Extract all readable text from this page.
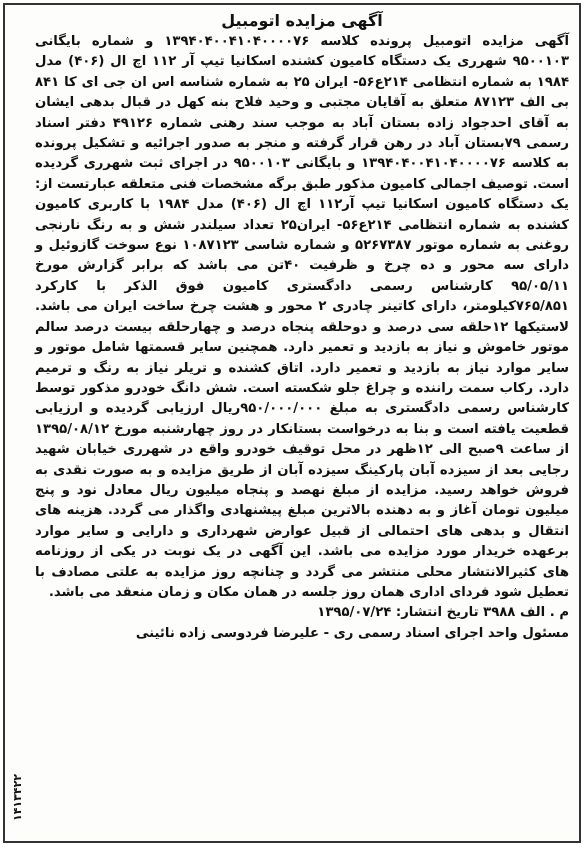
آگهی مزایده اتومبیل

آگهی مزایده اتومبیل پرونده کلاسه ۱۳۹۴۰۴۰۰۴۱۰۴۰۰۰۰۷۶ و شماره بایگانی ۹۵۰۰۱۰۳ شهرری یک دستگاه کامیون کشنده اسکانیا تیپ آر ۱۱۲ اچ ال (۴۰۶) مدل ۱۹۸۴ به شماره انتظامی ۲۱۴ع۵۶- ایران ۲۵ به شماره شناسه اس ان جی ای کا ۸۴۱ بی الف ۸۷۱۲۳ متعلق به آقایان مجتبی و وحید فلاح بنه کهل در قبال بدهی ایشان به آقای احدجواد زاده بستان آباد به موجب سند رهنی شماره ۴۹۱۲۶ دفتر اسناد رسمی ۷۹بستان آباد در رهن قرار گرفته و منجر به صدور اجرائیه و تشکیل پرونده به کلاسه ۱۳۹۴۰۴۰۰۴۱۰۴۰۰۰۰۷۶ و بایگانی ۹۵۰۰۱۰۳ در اجرای ثبت شهرری گردیده است. توصیف اجمالی کامیون مذکور طبق برگه مشخصات فنی متعلقه عبارتست از: یک دستگاه کامیون اسکانیا تیپ آر۱۱۲ اچ ال (۴۰۶) مدل ۱۹۸۴ با کاربری کامیون کشنده به شماره انتظامی ۲۱۴ع۵۶- ایران۲۵ تعداد سیلندر شش و به رنگ نارنجی روغنی به شماره موتور ۵۲۶۷۳۸۷ و شماره شاسی ۱۰۸۷۱۲۳ نوع سوخت گازوئیل و دارای سه محور و ده چرخ و ظرفیت ۴۰تن می باشد که برابر گزارش مورخ ۹۵/۰۵/۱۱ کارشناس رسمی دادگستری کامیون فوق الذکر با کارکرد ۷۶۵/۸۵۱کیلومتر، دارای کاتینر چادری ۲ محور و هشت چرخ ساخت ایران می باشد. لاستیکها ۱۲حلقه سی درصد و دوحلقه پنجاه درصد و چهارحلقه بیست درصد سالم موتور خاموش و نیاز به بازدید و تعمیر دارد. همچنین سایر قسمتها شامل موتور و سایر موارد نیاز به بازدید و تعمیر دارد. اتاق کشنده و تریلر نیاز به رنگ و ترمیم دارد. رکاب سمت راننده و چراغ جلو شکسته است. شش دانگ خودرو مذکور توسط کارشناس رسمی دادگستری به مبلغ ۹۵۰/۰۰۰/۰۰۰ریال ارزیابی گردیده و ارزیابی قطعیت یافته است و بنا به درخواست بستانکار در روز چهارشنبه مورخ ۱۳۹۵/۰۸/۱۲ از ساعت ۹صبح الی ۱۲ظهر در محل توقیف خودرو واقع در شهرری خیابان شهید رجایی بعد از سیزده آبان پارکینگ سیزده آبان از طریق مزایده و به صورت نقدی به فروش خواهد رسید. مزایده از مبلغ نهصد و پنجاه میلیون ریال معادل نود و پنج میلیون تومان آغاز و به دهنده بالاترین مبلغ پیشنهادی واگذار می گردد. هزینه های انتقال و بدهی های احتمالی از قبیل عوارض شهرداری و دارایی و سایر موارد برعهده خریدار مورد مزایده می باشد. این آگهی در یک نوبت در یکی از روزنامه های کثیرالانتشار محلی منتشر می گردد و چنانچه روز مزایده به علتی مصادف با تعطیل شود فردای اداری همان روز جلسه در همان مکان و زمان منعقد می باشد.

م . الف ۳۹۸۸ تاریخ انتشار: ۱۳۹۵/۰۷/۲۴
مسئول واحد اجرای اسناد رسمی ری - علیرضا فردوسی زاده نائینی
۱۴۱۳۴۲۲
